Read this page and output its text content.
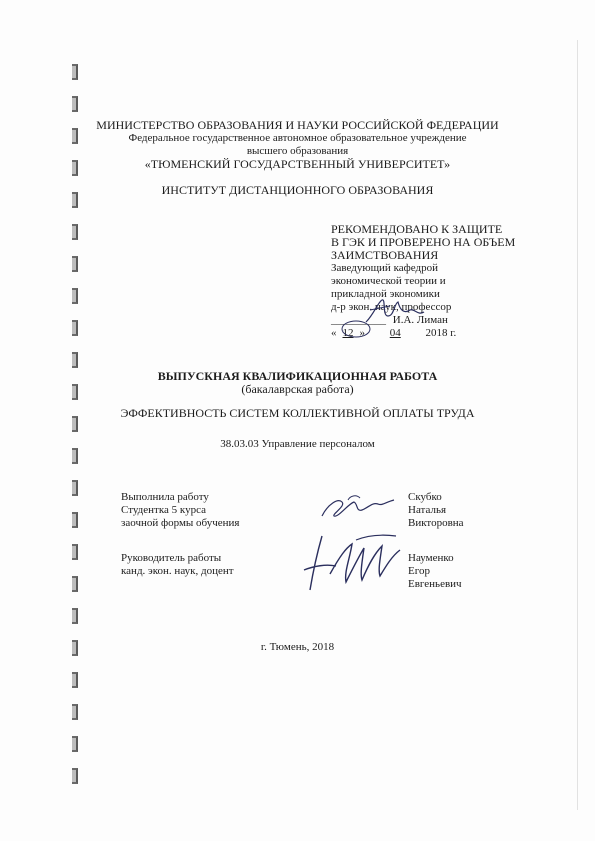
МИНИСТЕРСТВО ОБРАЗОВАНИЯ И НАУКИ РОССИЙСКОЙ ФЕДЕРАЦИИ
Федеральное государственное автономное образовательное учреждение
высшего образования
«ТЮМЕНСКИЙ ГОСУДАРСТВЕННЫЙ УНИВЕРСИТЕТ»
ИНСТИТУТ ДИСТАНЦИОННОГО ОБРАЗОВАНИЯ
РЕКОМЕНДОВАНО К ЗАЩИТЕ
В ГЭК И ПРОВЕРЕНО НА ОБЪЕМ
ЗАИМСТВОВАНИЯ
Заведующий кафедрой
экономической теории и
прикладной экономики
д-р экон. наук, профессор
__________ И.А. Лиман
« 12 » 04 2018 г.
ВЫПУСКНАЯ КВАЛИФИКАЦИОННАЯ РАБОТА
(бакалаврская работа)
ЭФФЕКТИВНОСТЬ СИСТЕМ КОЛЛЕКТИВНОЙ ОПЛАТЫ ТРУДА
38.03.03 Управление персоналом
Выполнила работу
Студентка 5 курса
заочной формы обучения
Скубко
Наталья
Викторовна
Руководитель работы
канд. экон. наук, доцент
Науменко
Егор
Евгеньевич
г. Тюмень, 2018
